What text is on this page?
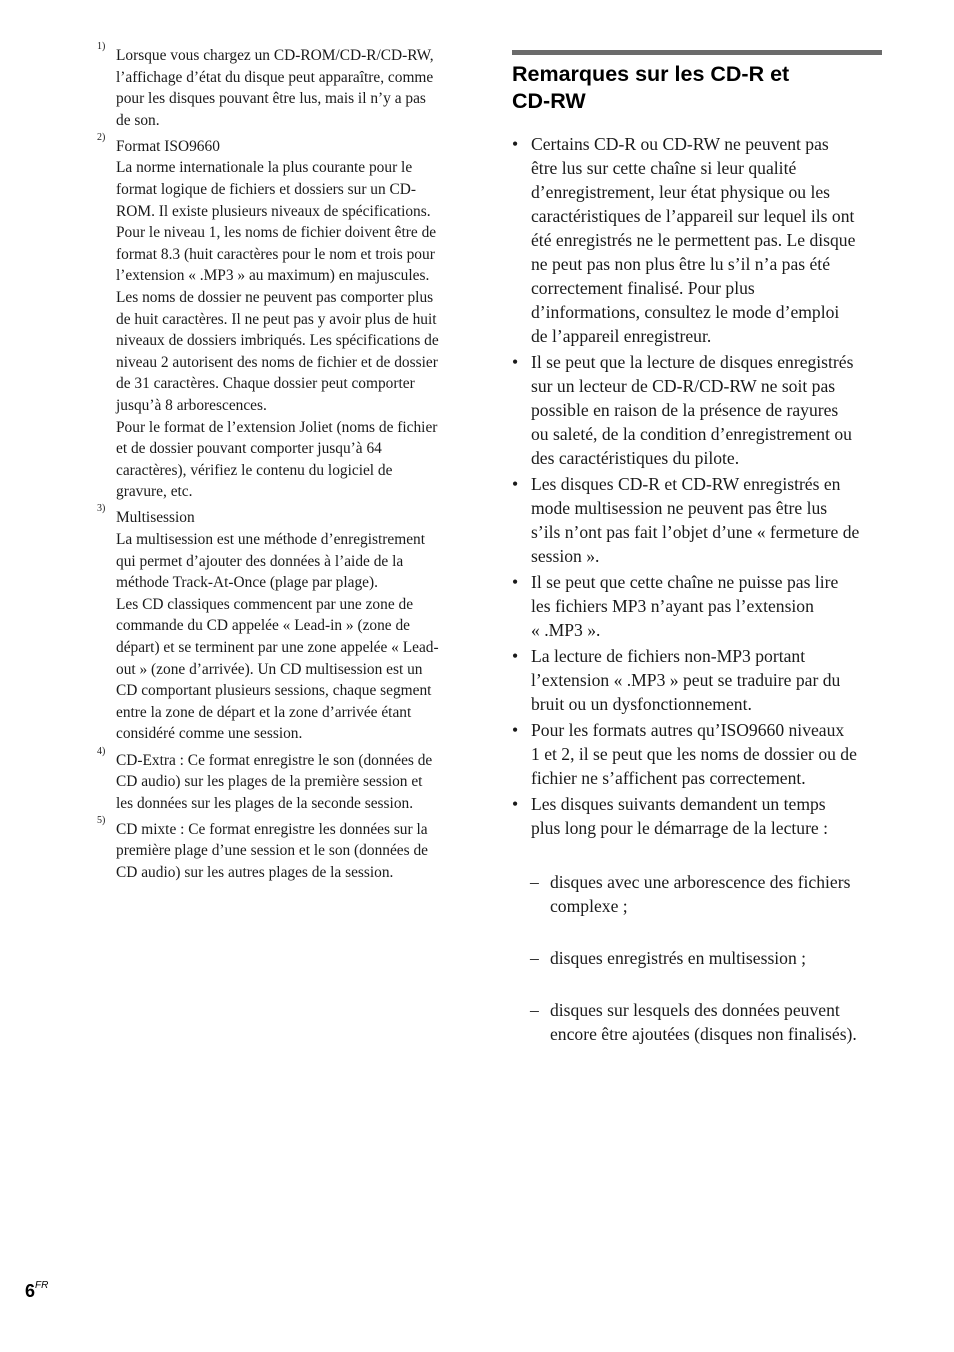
1)
Lorsque vous chargez un CD-ROM/CD-R/CD-RW,
l’affichage d’état du disque peut apparaître, comme
pour les disques pouvant être lus, mais il n’y a pas
de son.
2)
Format ISO9660
La norme internationale la plus courante pour le
format logique de fichiers et dossiers sur un CD-
ROM. Il existe plusieurs niveaux de spécifications.
Pour le niveau 1, les noms de fichier doivent être de
format 8.3 (huit caractères pour le nom et trois pour
l’extension « .MP3 » au maximum) en majuscules.
Les noms de dossier ne peuvent pas comporter plus
de huit caractères. Il ne peut pas y avoir plus de huit
niveaux de dossiers imbriqués. Les spécifications de
niveau 2 autorisent des noms de fichier et de dossier
de 31 caractères. Chaque dossier peut comporter
jusqu’à 8 arborescences.
Pour le format de l’extension Joliet (noms de fichier
et de dossier pouvant comporter jusqu’à 64
caractères), vérifiez le contenu du logiciel de
gravure, etc.
3)
Multisession
La multisession est une méthode d’enregistrement
qui permet d’ajouter des données à l’aide de la
méthode Track-At-Once (plage par plage).
Les CD classiques commencent par une zone de
commande du CD appelée « Lead-in » (zone de
départ) et se terminent par une zone appelée « Lead-
out » (zone d’arrivée). Un CD multisession est un
CD comportant plusieurs sessions, chaque segment
entre la zone de départ et la zone d’arrivée étant
considéré comme une session.
4)
CD-Extra : Ce format enregistre le son (données de
CD audio) sur les plages de la première session et
les données sur les plages de la seconde session.
5)
CD mixte : Ce format enregistre les données sur la
première plage d’une session et le son (données de
CD audio) sur les autres plages de la session.
Remarques sur les CD-R et
CD-RW
• Certains CD-R ou CD-RW ne peuvent pas
être lus sur cette chaîne si leur qualité
d’enregistrement, leur état physique ou les
caractéristiques de l’appareil sur lequel ils ont
été enregistrés ne le permettent pas. Le disque
ne peut pas non plus être lu s’il n’a pas été
correctement finalisé. Pour plus
d’informations, consultez le mode d’emploi
de l’appareil enregistreur.
• Il se peut que la lecture de disques enregistrés
sur un lecteur de CD-R/CD-RW ne soit pas
possible en raison de la présence de rayures
ou saleté, de la condition d’enregistrement ou
des caractéristiques du pilote.
• Les disques CD-R et CD-RW enregistrés en
mode multisession ne peuvent pas être lus
s’ils n’ont pas fait l’objet d’une « fermeture de
session ».
• Il se peut que cette chaîne ne puisse pas lire
les fichiers MP3 n’ayant pas l’extension
« .MP3 ».
• La lecture de fichiers non-MP3 portant
l’extension « .MP3 » peut se traduire par du
bruit ou un dysfonctionnement.
• Pour les formats autres qu’ISO9660 niveaux
1 et 2, il se peut que les noms de dossier ou de
fichier ne s’affichent pas correctement.
• Les disques suivants demandent un temps
plus long pour le démarrage de la lecture :

– disques avec une arborescence des fichiers
complexe ;

– disques enregistrés en multisession ;

– disques sur lesquels des données peuvent
encore être ajoutées (disques non finalisés).

$6^{FR}$
